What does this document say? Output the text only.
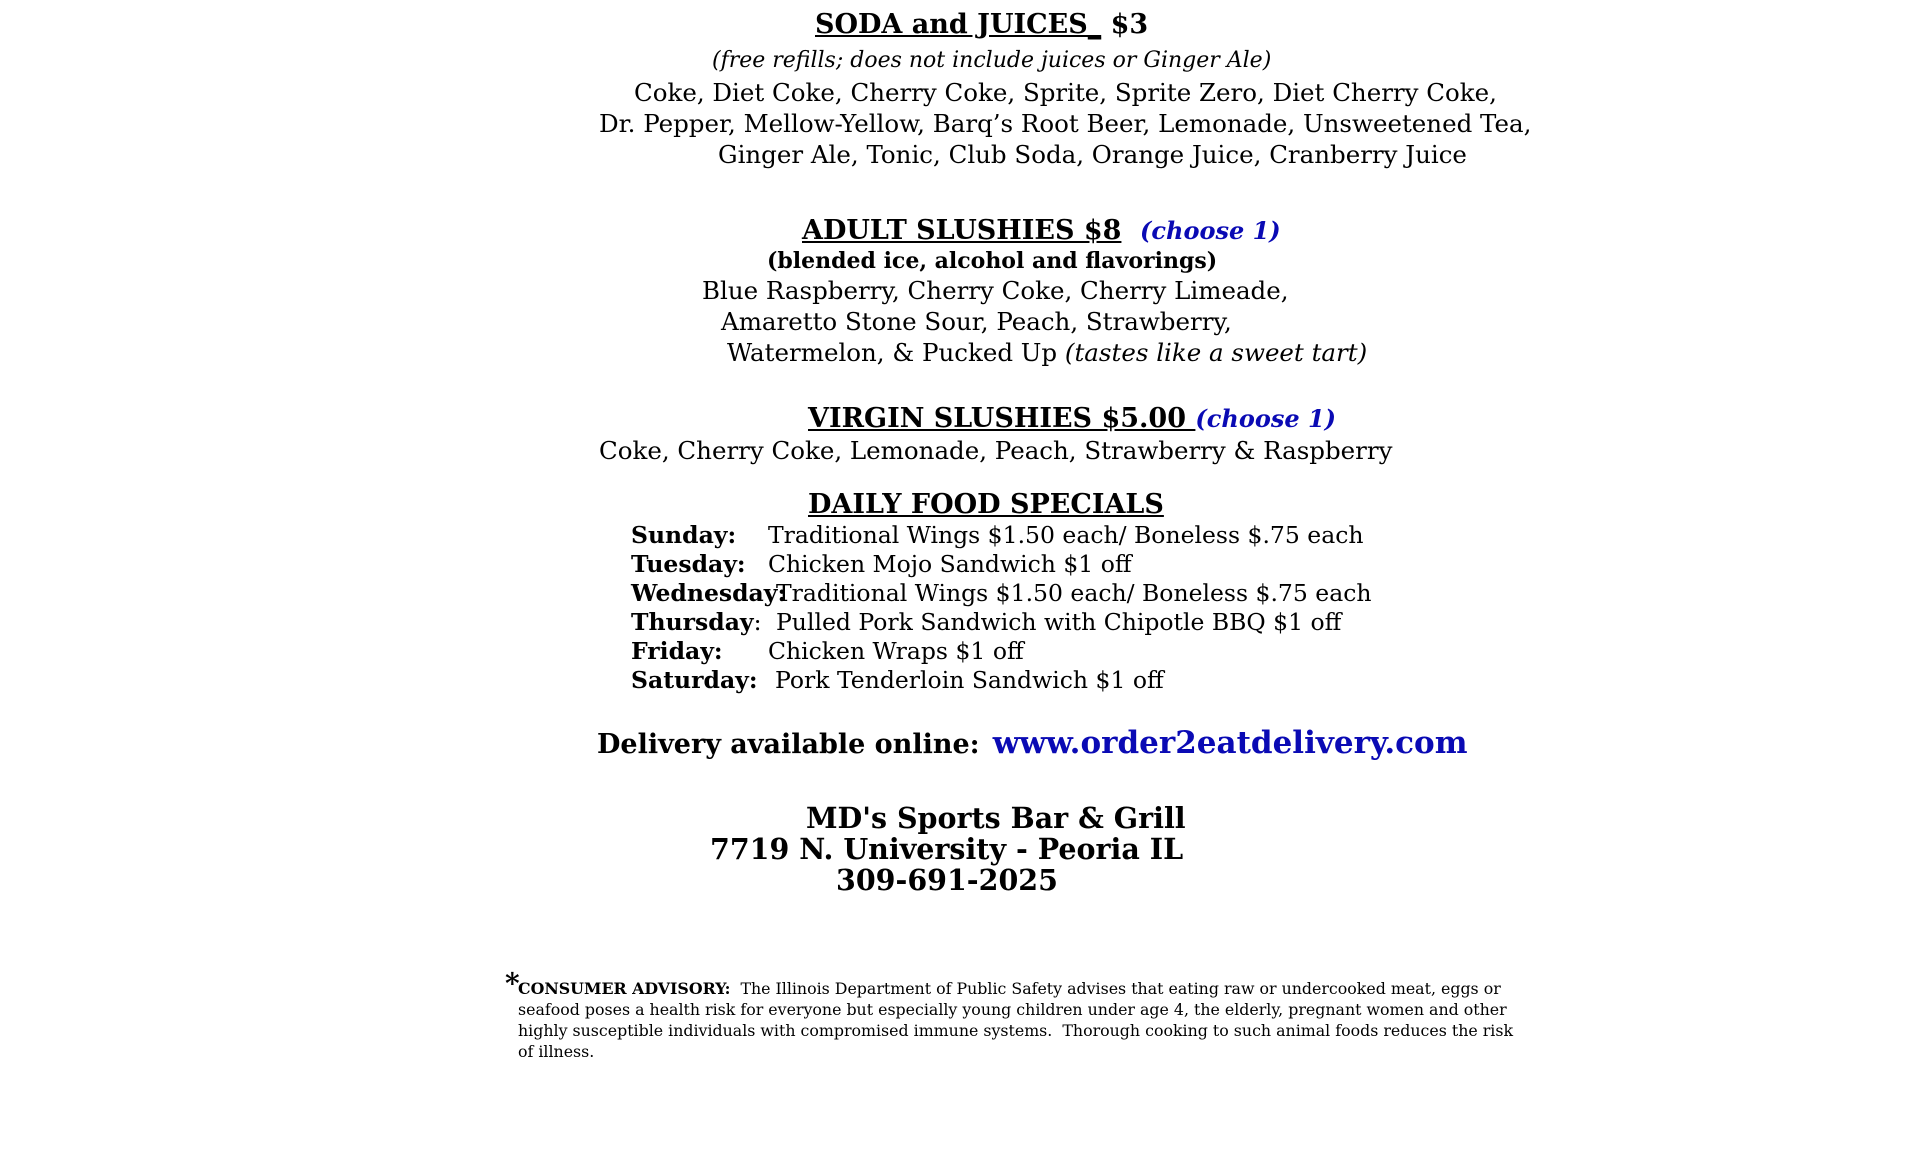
SODA and JUICES_ $3
(free refills; does not include juices or Ginger Ale)
Coke, Diet Coke, Cherry Coke, Sprite, Sprite Zero, Diet Cherry Coke,
Dr. Pepper, Mellow-Yellow, Barq’s Root Beer, Lemonade, Unsweetened Tea,
Ginger Ale, Tonic, Club Soda, Orange Juice, Cranberry Juice
ADULT SLUSHIES $8 (choose 1)
(blended ice, alcohol and flavorings)
Blue Raspberry, Cherry Coke, Cherry Limeade,
Amaretto Stone Sour, Peach, Strawberry,
Watermelon, & Pucked Up (tastes like a sweet tart)
VIRGIN SLUSHIES $5.00 (choose 1)
Coke, Cherry Coke, Lemonade, Peach, Strawberry & Raspberry
DAILY FOOD SPECIALS
Sunday: Traditional Wings $1.50 each/ Boneless $.75 each
Tuesday: Chicken Mojo Sandwich $1 off
Wednesday:
Traditional Wings $1.50 each/ Boneless $.75 each
Thursday: Pulled Pork Sandwich with Chipotle BBQ $1 off
Friday: Chicken Wraps $1 off
Saturday: Pork Tenderloin Sandwich $1 off
Delivery available online: www.order2eatdelivery.com
MD's Sports Bar & Grill
7719 N. University - Peoria IL
309-691-2025
*
CONSUMER ADVISORY:  The Illinois Department of Public Safety advises that eating raw or undercooked meat, eggs or seafood poses a health risk for everyone but especially young children under age 4, the elderly, pregnant women and other highly susceptible individuals with compromised immune systems.  Thorough cooking to such animal foods reduces the risk of illness.
